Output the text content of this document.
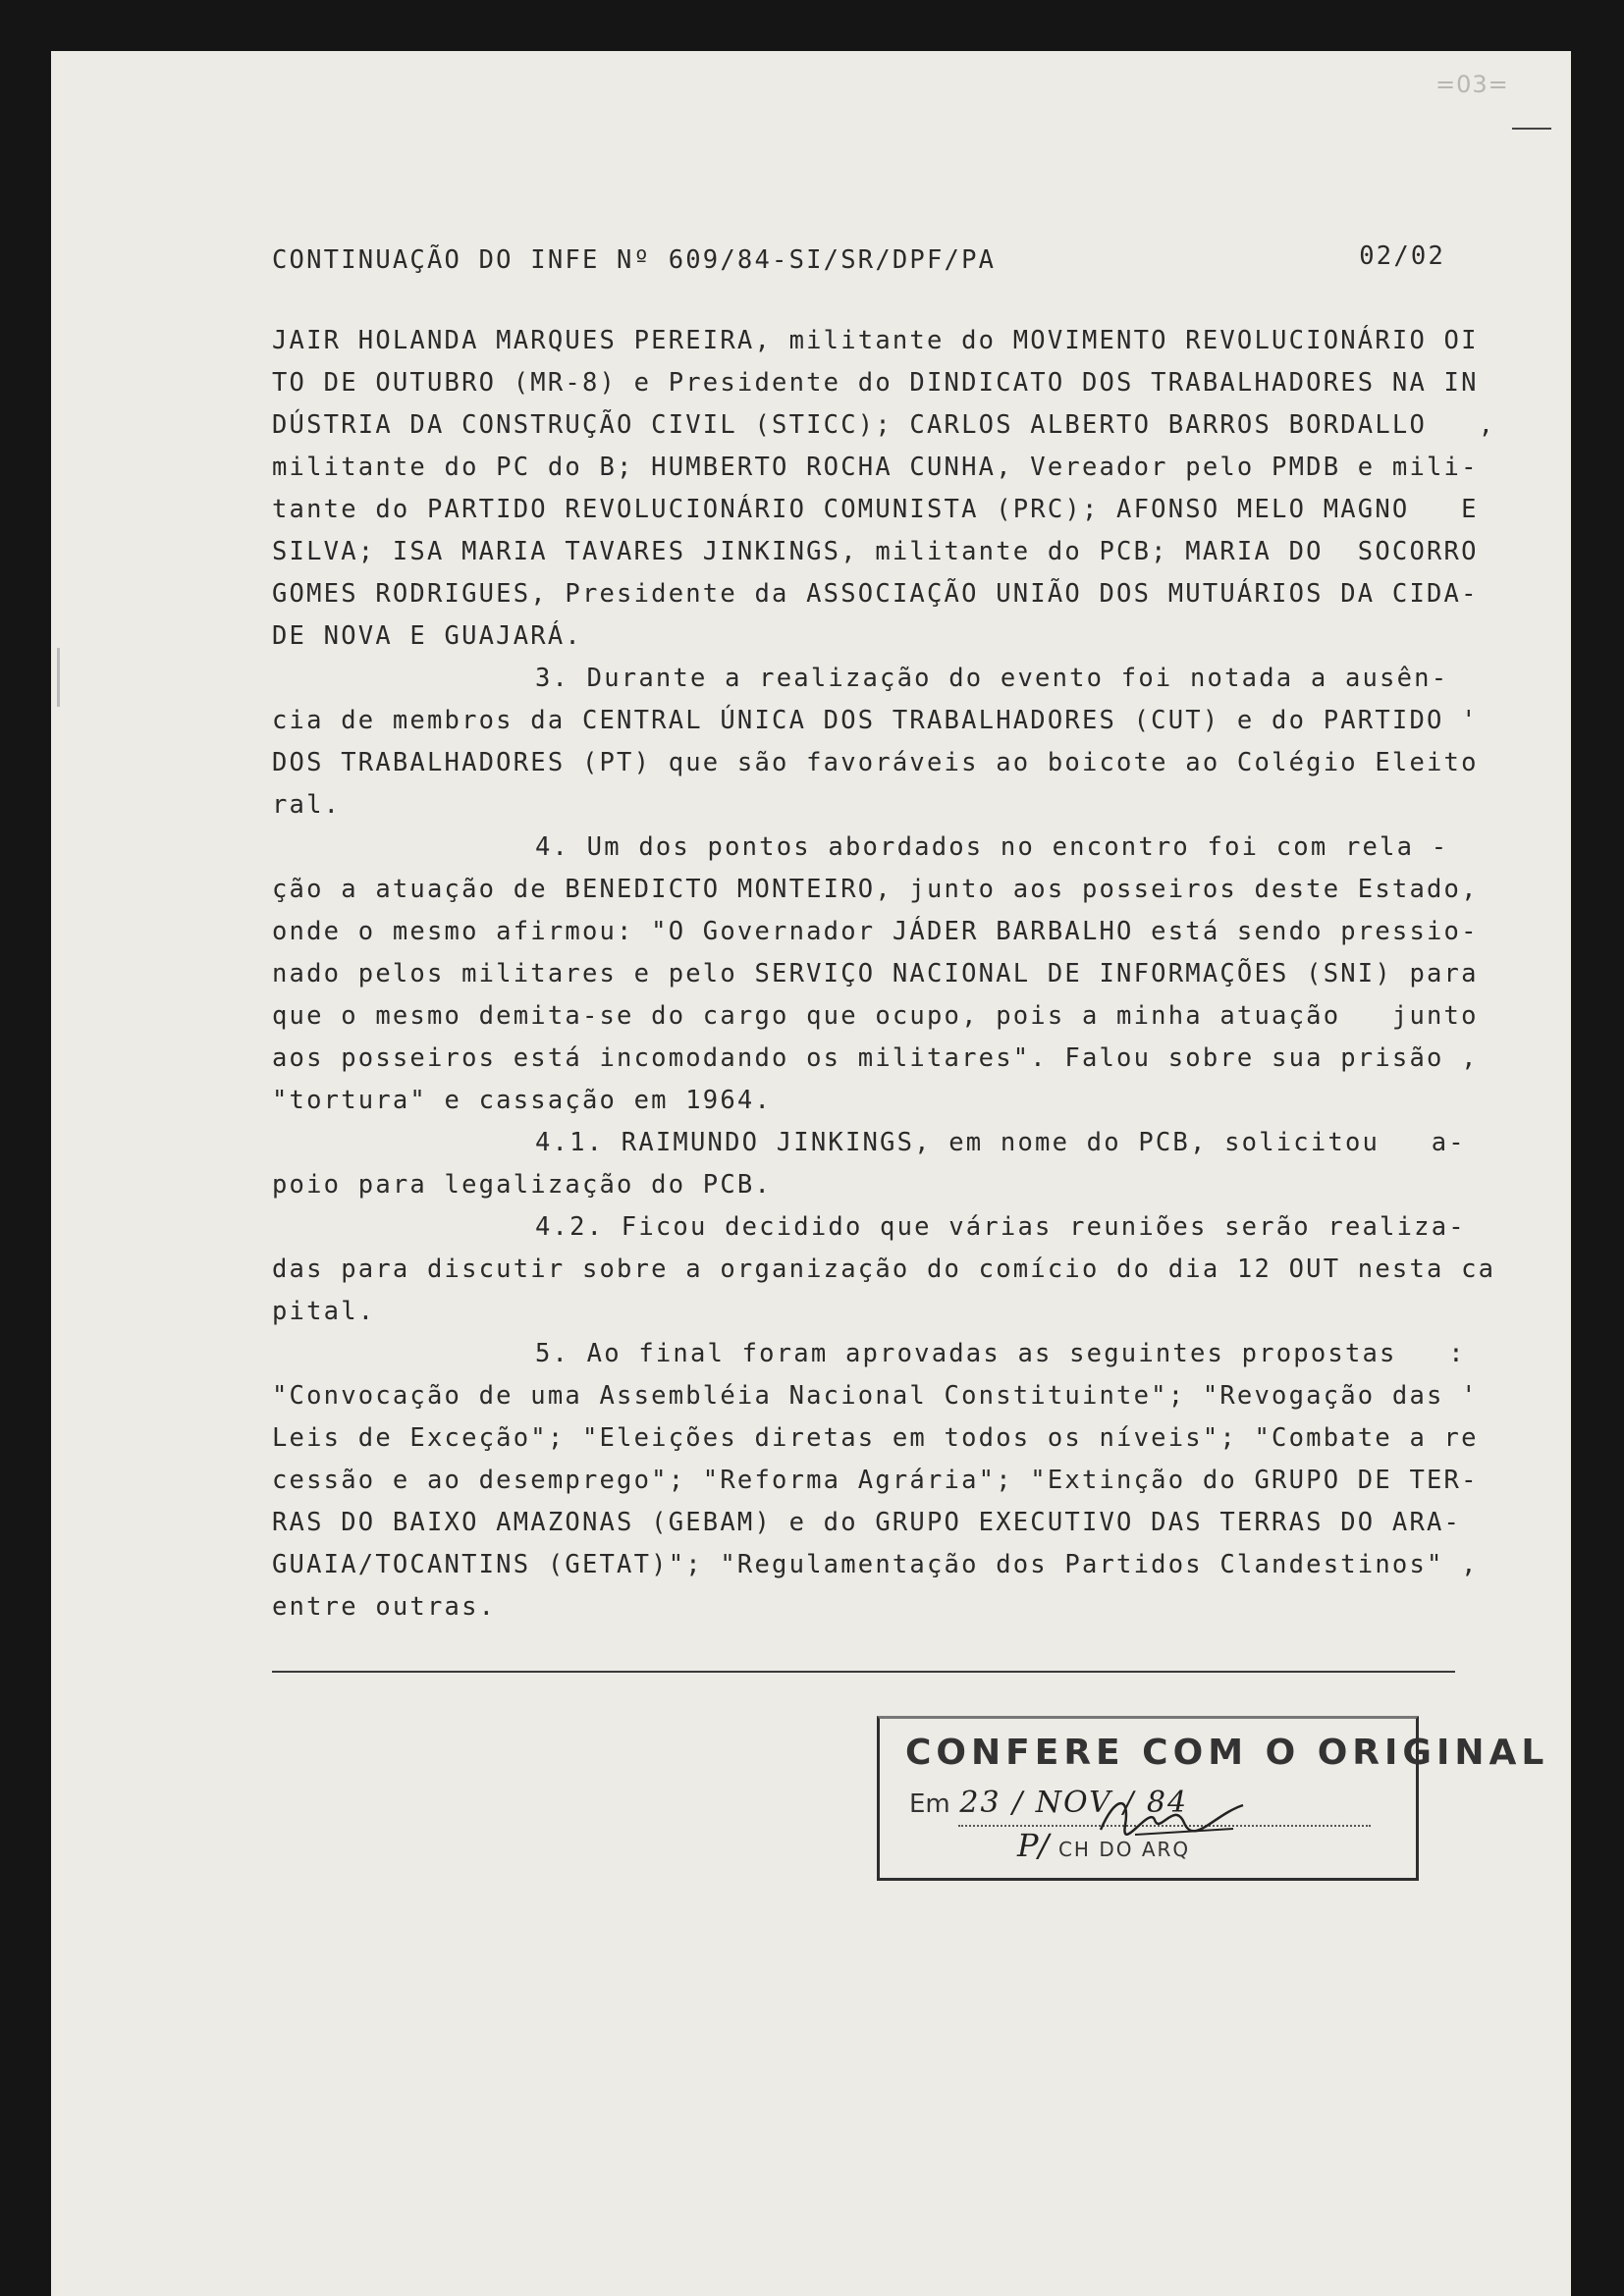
=03=
CONTINUAÇÃO DO INFE Nº 609/84-SI/SR/DPF/PA	02/02
JAIR HOLANDA MARQUES PEREIRA, militante do MOVIMENTO REVOLUCIONÁRIO OI
TO DE OUTUBRO (MR-8) e Presidente do DINDICATO DOS TRABALHADORES NA IN
DÚSTRIA DA CONSTRUÇÃO CIVIL (STICC); CARLOS ALBERTO BARROS BORDALLO   ,
militante do PC do B; HUMBERTO ROCHA CUNHA, Vereador pelo PMDB e mili-
tante do PARTIDO REVOLUCIONÁRIO COMUNISTA (PRC); AFONSO MELO MAGNO   E
SILVA; ISA MARIA TAVARES JINKINGS, militante do PCB; MARIA DO  SOCORRO
GOMES RODRIGUES, Presidente da ASSOCIAÇÃO UNIÃO DOS MUTUÁRIOS DA CIDA-
DE NOVA E GUAJARÁ.
3. Durante a realização do evento foi notada a ausên-
cia de membros da CENTRAL ÚNICA DOS TRABALHADORES (CUT) e do PARTIDO '
DOS TRABALHADORES (PT) que são favoráveis ao boicote ao Colégio Eleito
ral.
4. Um dos pontos abordados no encontro foi com rela -
ção a atuação de BENEDICTO MONTEIRO, junto aos posseiros deste Estado,
onde o mesmo afirmou: "O Governador JÁDER BARBALHO está sendo pressio-
nado pelos militares e pelo SERVIÇO NACIONAL DE INFORMAÇÕES (SNI) para
que o mesmo demita-se do cargo que ocupo, pois a minha atuação   junto
aos posseiros está incomodando os militares". Falou sobre sua prisão ,
"tortura" e cassação em 1964.
4.1. RAIMUNDO JINKINGS, em nome do PCB, solicitou   a-
poio para legalização do PCB.
4.2. Ficou decidido que várias reuniões serão realiza-
das para discutir sobre a organização do comício do dia 12 OUT nesta ca
pital.
5. Ao final foram aprovadas as seguintes propostas   :
"Convocação de uma Assembléia Nacional Constituinte"; "Revogação das '
Leis de Exceção"; "Eleições diretas em todos os níveis"; "Combate a re
cessão e ao desemprego"; "Reforma Agrária"; "Extinção do GRUPO DE TER-
RAS DO BAIXO AMAZONAS (GEBAM) e do GRUPO EXECUTIVO DAS TERRAS DO ARA-
GUAIA/TOCANTINS (GETAT)"; "Regulamentação dos Partidos Clandestinos" ,
entre outras.
CONFERE COM O ORIGINAL
Em 23 / NOV / 84
P/ CH DO ARQ
